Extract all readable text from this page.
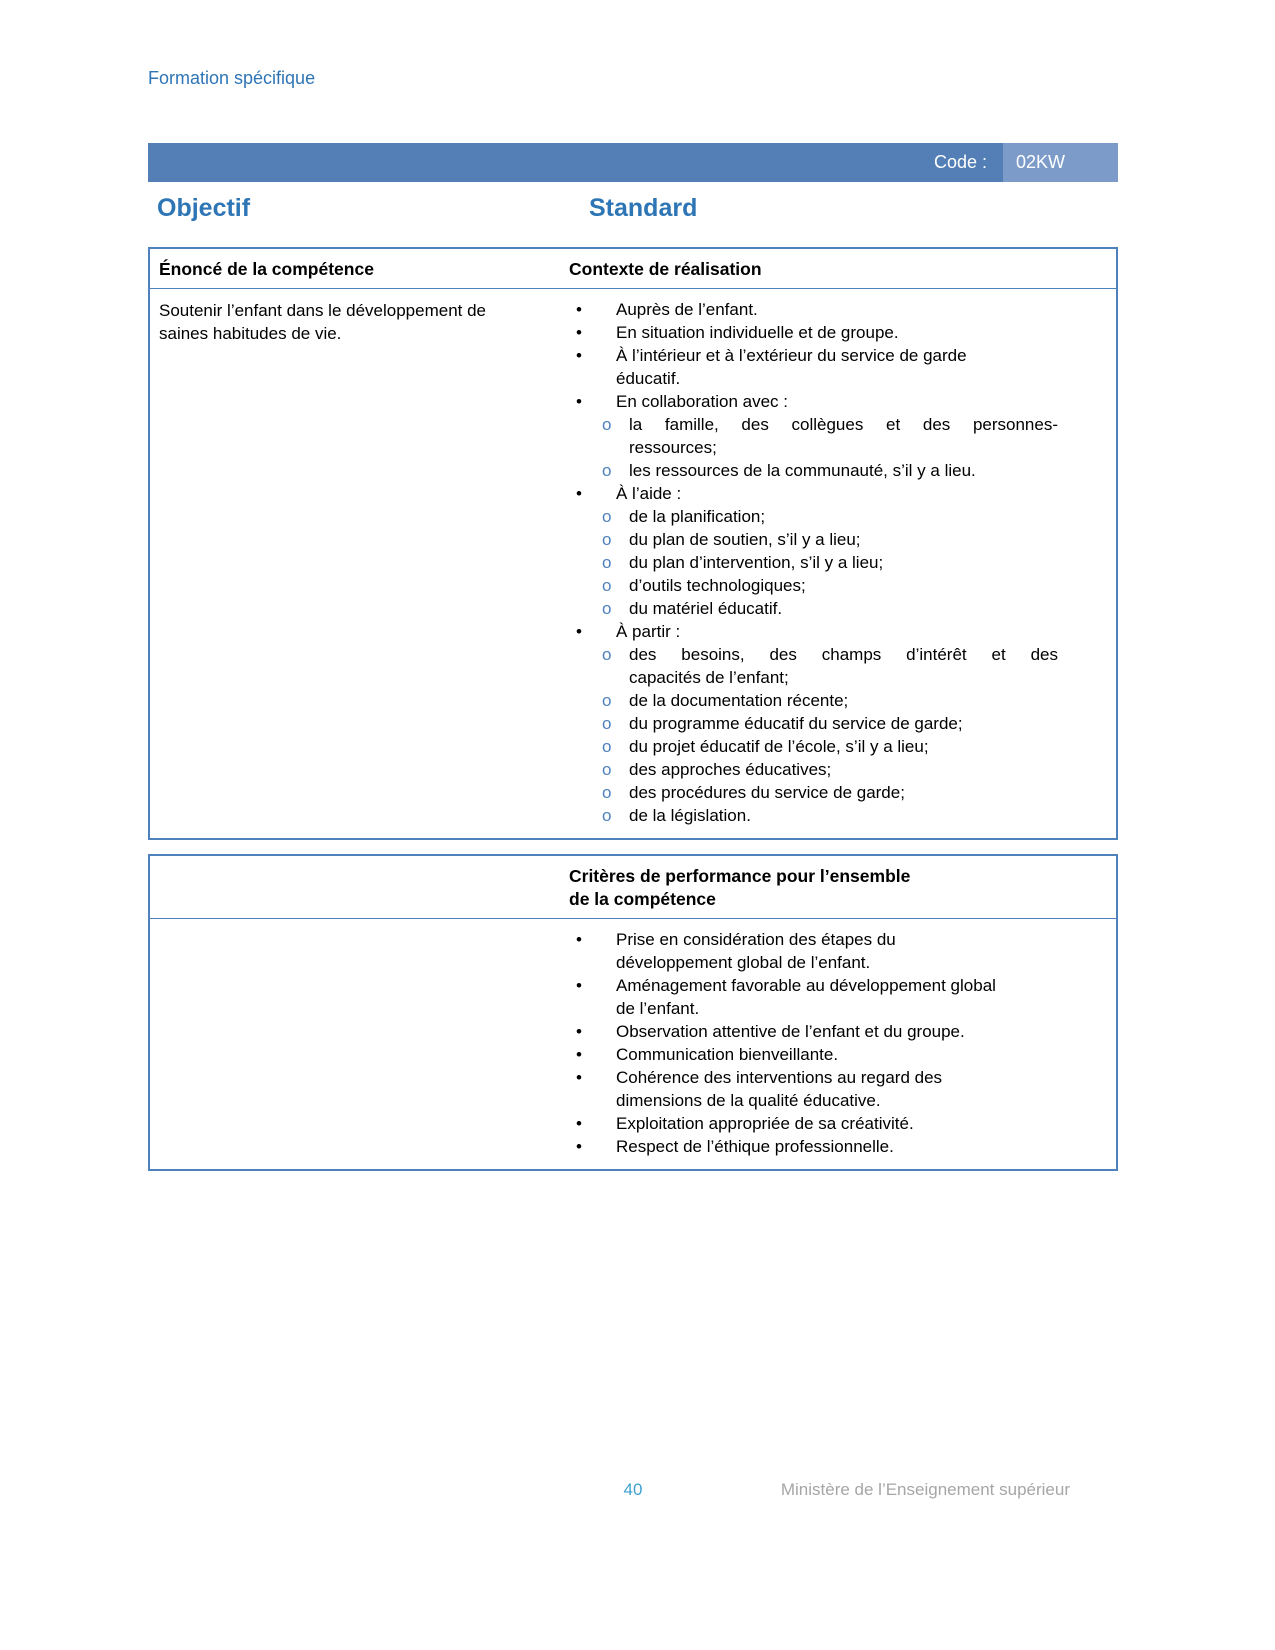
Formation spécifique
Code : 02KW
Objectif	Standard
Énoncé de la compétence	Contexte de réalisation
Soutenir l’enfant dans le développement de
saines habitudes de vie.
•	Auprès de l’enfant.
•	En situation individuelle et de groupe.
•	À l’intérieur et à l’extérieur du service de garde
éducatif.
•	En collaboration avec :
o	la famille, des collègues et des personnes-
ressources;
o	les ressources de la communauté, s’il y a lieu.
•	À l’aide :
o	de la planification;
o	du plan de soutien, s’il y a lieu;
o	du plan d’intervention, s’il y a lieu;
o	d’outils technologiques;
o	du matériel éducatif.
•	À partir :
o	des besoins, des champs d’intérêt et des
capacités de l’enfant;
o	de la documentation récente;
o	du programme éducatif du service de garde;
o	du projet éducatif de l’école, s’il y a lieu;
o	des approches éducatives;
o	des procédures du service de garde;
o	de la législation.
Critères de performance pour l’ensemble
de la compétence
•	Prise en considération des étapes du
développement global de l’enfant.
•	Aménagement favorable au développement global
de l’enfant.
•	Observation attentive de l’enfant et du groupe.
•	Communication bienveillante.
•	Cohérence des interventions au regard des
dimensions de la qualité éducative.
•	Exploitation appropriée de sa créativité.
•	Respect de l’éthique professionnelle.
40	Ministère de l’Enseignement supérieur
